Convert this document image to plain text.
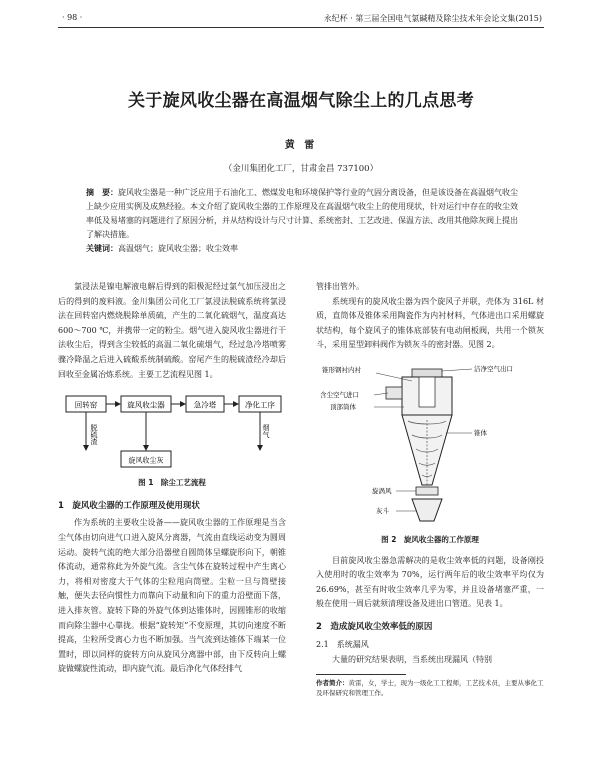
· 98 ·	永纪杯 · 第三届全国电气氯碱精及除尘技术年会论文集(2015)
关于旋风收尘器在高温烟气除尘上的几点思考
黄 雷
（金川集团化工厂，甘肃金昌 737100）

摘　要：旋风收尘器是一种广泛应用于石油化工、燃煤发电和环境保护等行业的气固分离设备，但是该设备在高温烟气收尘上缺少应用实例及成熟经验。本文介绍了旋风收尘器的工作原理及在高温烟气收尘上的使用现状，针对运行中存在的收尘效率低及易堵塞的问题进行了原因分析，并从结构设计与尺寸计算、系统密封、工艺改进、保温方法、改用其他除灰阀上提出了解决措施。

关键词：高温烟气；旋风收尘器；收尘效率

氯浸法是镍电解液电解后得到的阳极泥经过氯气加压浸出之后的得到的废料液。金川集团公司化工厂氯浸法脱硫系统将氯浸法在回转窑内燃烧脱除单质硫，产生的二氧化硫烟气，温度高达 600～700 ℃，并携带一定的粉尘。烟气进入旋风收尘器进行干法收尘后，得到含尘较低的高温二氧化硫烟气，经过急冷塔喷雾骤冷降温之后进入硫酸系统制硫酸。窑尾产生的脱硫渣经冷却后回收至金属冶炼系统。主要工艺流程见图 1。

回转窑	旋风收尘器	急冷塔	净化工序
脱硫渣	烟气
旋风收尘灰
图 1　除尘工艺流程
1　旋风收尘器的工作原理及使用现状

作为系统的主要收尘设备——旋风收尘器的工作原理是当含尘气体由切向进气口进入旋风分离器，气流由直线运动变为圆周运动。旋转气流的绝大部分沿器壁自圆筒体呈螺旋形向下，朝锥体流动，通常称此为外旋气流。含尘气体在旋转过程中产生离心力，将相对密度大于气体的尘粒甩向筒壁。尘粒一旦与筒壁接触，便失去径向惯性力而靠向下动量和向下的重力沿壁面下落，进入排灰管。旋转下降的外旋气体到达锥体时，因圆锥形的收缩而向除尘器中心靠拢。根据“旋转矩”不变原理，其切向速度不断提高，尘粒所受离心力也不断加强。当气流到达锥体下端某一位置时，即以同样的旋转方向从旋风分离器中部，由下反转向上螺旋做螺旋性流动，即内旋气流。最后净化气体经排气

管排出管外。

系统现有的旋风收尘器为四个旋风子并联，壳体为 316L 材质，直筒体及锥体采用陶瓷作为内衬材料，气体进出口采用螺旋状结构，每个旋风子的锥体底部装有电动闸板阀，共用一个锁灰斗，采用星型卸料阀作为锁灰斗的密封器。见图 2。

锥形钢衬内衬	洁净空气出口
含尘空气进口
顶部筒体
锥体
旋涡风
灰斗
图 2　旋风收尘器的工作原理

目前旋风收尘器急需解决的是收尘效率低的问题，设备刚投入使用时的收尘效率为 70%，运行两年后的收尘效率平均仅为 26.69%，甚至有时收尘效率几乎为零，并且设备堵塞严重，一般在使用一周后就须清理设备及进出口管道。见表 1。

2　造成旋风收尘效率低的原因
2.1　系统漏风

大量的研究结果表明，当系统出现漏风（特别

作者简介：黄雷，女，学士，现为一级化工工程师，工艺技术员，主要从事化工及环保研究和管理工作。
